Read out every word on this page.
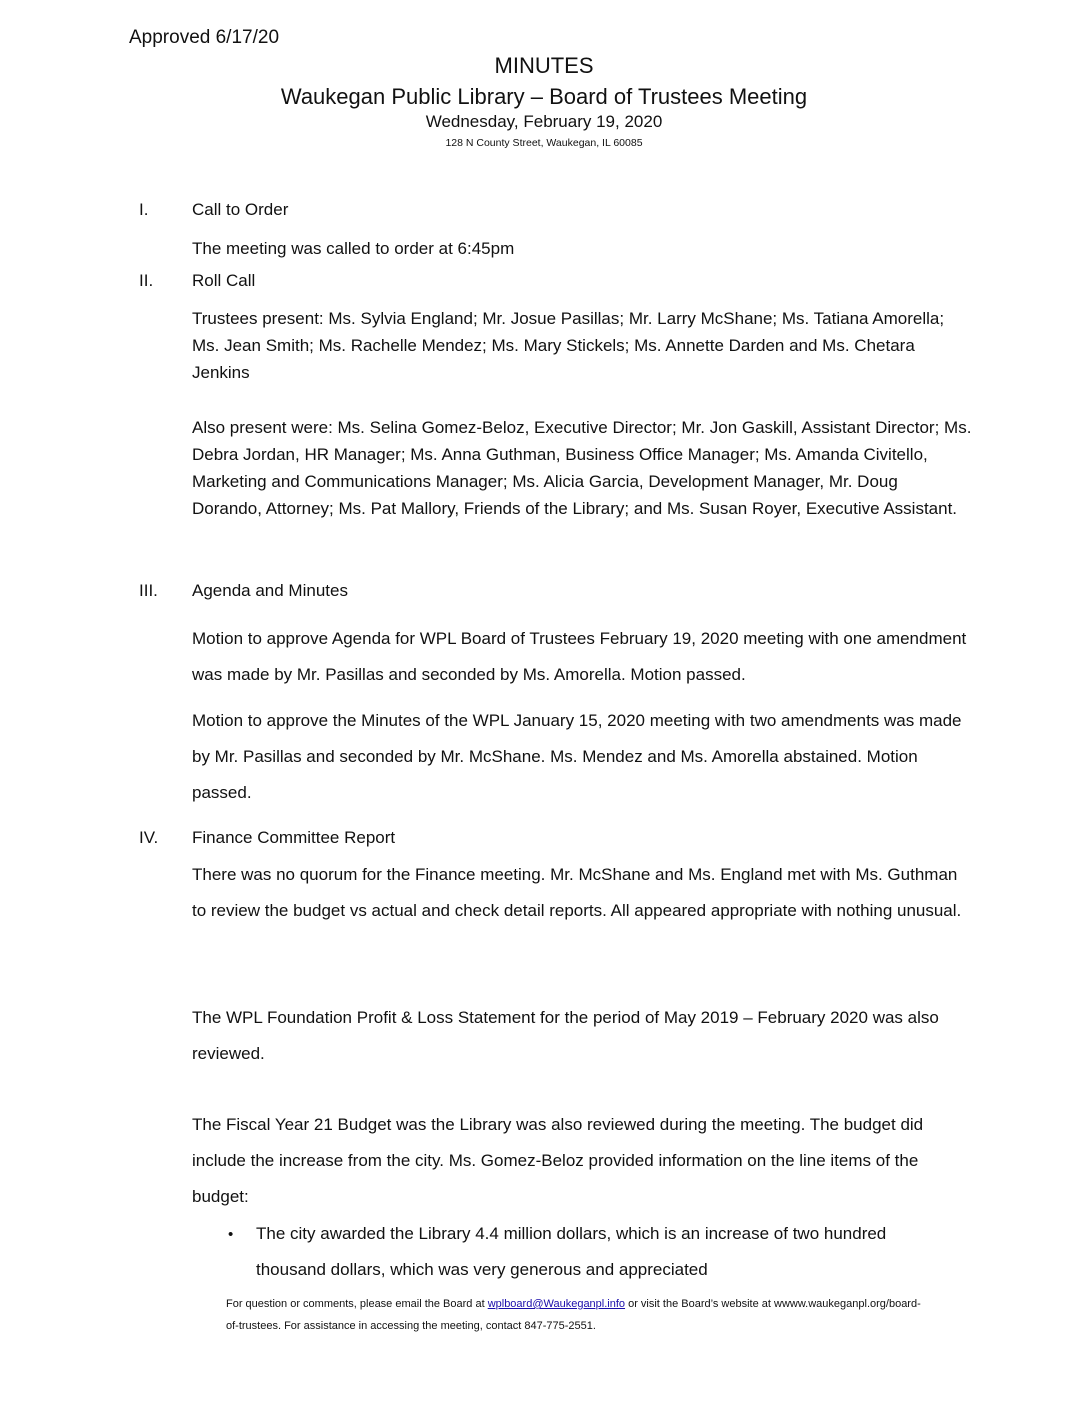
Approved 6/17/20
MINUTES
Waukegan Public Library – Board of Trustees Meeting
Wednesday, February 19, 2020
128 N County Street, Waukegan, IL 60085
I.	Call to Order
The meeting was called to order at 6:45pm
II.	Roll Call
Trustees present: Ms. Sylvia England; Mr. Josue Pasillas; Mr. Larry McShane; Ms. Tatiana Amorella; Ms. Jean Smith; Ms. Rachelle Mendez; Ms. Mary Stickels; Ms. Annette Darden and Ms. Chetara Jenkins
Also present were: Ms. Selina Gomez-Beloz, Executive Director; Mr. Jon Gaskill, Assistant Director; Ms. Debra Jordan, HR Manager; Ms. Anna Guthman, Business Office Manager; Ms. Amanda Civitello, Marketing and Communications Manager; Ms. Alicia Garcia, Development Manager, Mr. Doug Dorando, Attorney; Ms. Pat Mallory, Friends of the Library; and Ms. Susan Royer, Executive Assistant.
III.	Agenda and Minutes
Motion to approve Agenda for WPL Board of Trustees February 19, 2020 meeting with one amendment was made by Mr. Pasillas and seconded by Ms. Amorella. Motion passed.
Motion to approve the Minutes of the WPL January 15, 2020 meeting with two amendments was made by Mr. Pasillas and seconded by Mr. McShane. Ms. Mendez and Ms. Amorella abstained. Motion passed.
IV.	Finance Committee Report
There was no quorum for the Finance meeting. Mr. McShane and Ms. England met with Ms. Guthman to review the budget vs actual and check detail reports. All appeared appropriate with nothing unusual.
The WPL Foundation Profit & Loss Statement for the period of May 2019 – February 2020 was also reviewed.
The Fiscal Year 21 Budget was the Library was also reviewed during the meeting. The budget did include the increase from the city. Ms. Gomez-Beloz provided information on the line items of the budget:
• The city awarded the Library 4.4 million dollars, which is an increase of two hundred thousand dollars, which was very generous and appreciated
For question or comments, please email the Board at wplboard@Waukeganpl.info or visit the Board’s website at wwww.waukeganpl.org/board-of-trustees. For assistance in accessing the meeting, contact 847-775-2551.
